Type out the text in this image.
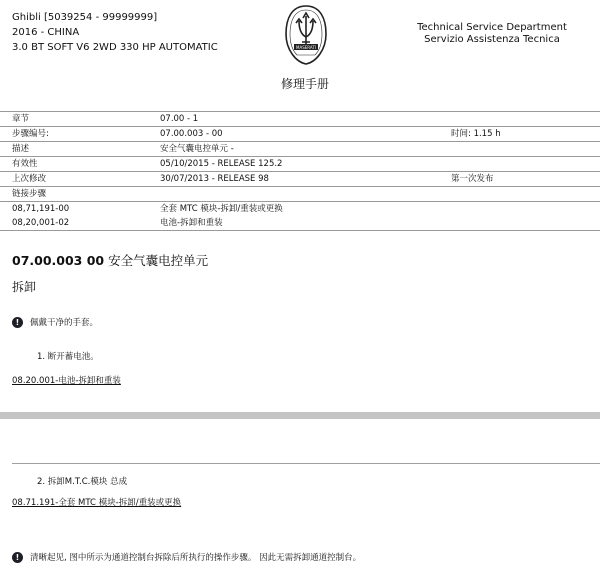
Ghibli [5039254 - 99999999]
2016 - CHINA
3.0 BT SOFT V6 2WD 330 HP AUTOMATIC	MASERATI
Technical Service Department
Servizio Assistenza Tecnica
修理手册
章节	07.00 - 1
步骤编号:	07.00.003 - 00	时间: 1.15 h
描述	安全气囊电控单元 -
有效性	05/10/2015 - RELEASE 125.2
上次修改	30/07/2013 - RELEASE 98	第一次发布
链接步骤
08,71,191-00	全套 MTC 模块-拆卸/重装或更换
08,20,001-02	电池-拆卸和重装
07.00.003 00 安全气囊电控单元
拆卸
!	佩戴干净的手套。
1. 断开蓄电池。
08.20.001-电池-拆卸和重装
2. 拆卸M.T.C.模块 总成
08.71.191-全套 MTC 模块-拆卸/重装或更换
!	清晰起见, 图中所示为通道控制台拆除后所执行的操作步骤。 因此无需拆卸通道控制台。
